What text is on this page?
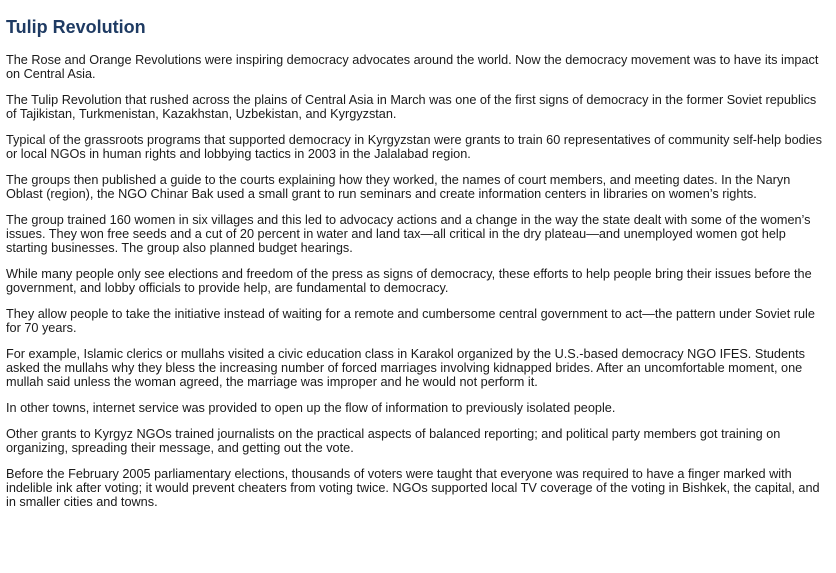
Tulip Revolution

The Rose and Orange Revolutions were inspiring democracy advocates around the world. Now the democracy movement was to have its impact on Central Asia.

The Tulip Revolution that rushed across the plains of Central Asia in March was one of the first signs of democracy in the former Soviet republics of Tajikistan, Turkmenistan, Kazakhstan, Uzbekistan, and Kyrgyzstan.

Typical of the grassroots programs that supported democracy in Kyrgyzstan were grants to train 60 representatives of community self-help bodies or local NGOs in human rights and lobbying tactics in 2003 in the Jalalabad region.

The groups then published a guide to the courts explaining how they worked, the names of court members, and meeting dates. In the Naryn Oblast (region), the NGO Chinar Bak used a small grant to run seminars and create information centers in libraries on women’s rights.

The group trained 160 women in six villages and this led to advocacy actions and a change in the way the state dealt with some of the women’s issues. They won free seeds and a cut of 20 percent in water and land tax—all critical in the dry plateau—and unemployed women got help starting businesses. The group also planned budget hearings.

While many people only see elections and freedom of the press as signs of democracy, these efforts to help people bring their issues before the government, and lobby officials to provide help, are fundamental to democracy.

They allow people to take the initiative instead of waiting for a remote and cumbersome central government to act—the pattern under Soviet rule for 70 years.

For example, Islamic clerics or mullahs visited a civic education class in Karakol organized by the U.S.-based democracy NGO IFES. Students asked the mullahs why they bless the increasing number of forced marriages involving kidnapped brides. After an uncomfortable moment, one mullah said unless the woman agreed, the marriage was improper and he would not perform it.

In other towns, internet service was provided to open up the flow of information to previously isolated people.

Other grants to Kyrgyz NGOs trained journalists on the practical aspects of balanced reporting; and political party members got training on organizing, spreading their message, and getting out the vote.

Before the February 2005 parliamentary elections, thousands of voters were taught that everyone was required to have a finger marked with indelible ink after voting; it would prevent cheaters from voting twice. NGOs supported local TV coverage of the voting in Bishkek, the capital, and in smaller cities and towns.
